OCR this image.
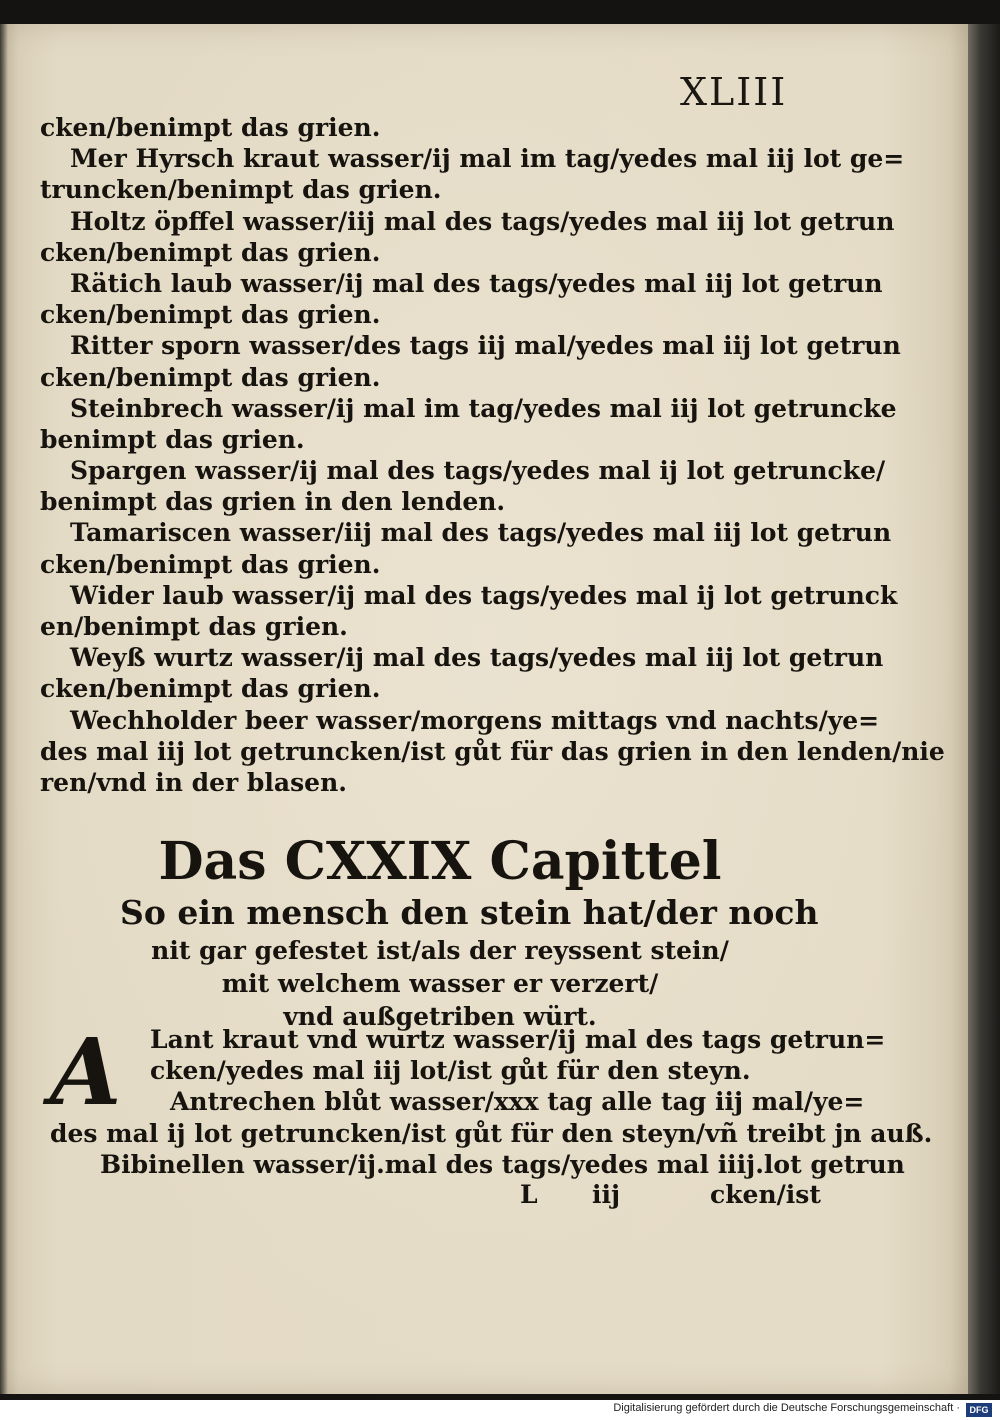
XLIII
cken/benimpt das grien.
Mer Hyrsch kraut wasser/ij mal im tag/yedes mal iij lot ge=
truncken/benimpt das grien.
Holtz öpffel wasser/iij mal des tags/yedes mal iij lot getrun
cken/benimpt das grien.
Rätich laub wasser/ij mal des tags/yedes mal iij lot getrun
cken/benimpt das grien.
Ritter sporn wasser/des tags iij mal/yedes mal iij lot getrun
cken/benimpt das grien.
Steinbrech wasser/ij mal im tag/yedes mal iij lot getruncke
benimpt das grien.
Spargen wasser/ij mal des tags/yedes mal ij lot getruncke/
benimpt das grien in den lenden.
Tamariscen wasser/iij mal des tags/yedes mal iij lot getrun
cken/benimpt das grien.
Wider laub wasser/ij mal des tags/yedes mal ij lot getrunck
en/benimpt das grien.
Weyß wurtz wasser/ij mal des tags/yedes mal iij lot getrun
cken/benimpt das grien.
Wechholder beer wasser/morgens mittags vnd nachts/ye=
des mal iij lot getruncken/ist gůt für das grien in den lenden/nie
ren/vnd in der blasen.
Das CXXIX Capittel
So ein mensch den stein hat/der noch
nit gar gefestet ist/als der reyssent stein/
mit welchem wasser er verzert/
vnd außgetriben würt.
A	Lant kraut vnd wurtz wasser/ij mal des tags getrun=
cken/yedes mal iij lot/ist gůt für den steyn.
Antrechen blůt wasser/xxx tag alle tag iij mal/ye=
des mal ij lot getruncken/ist gůt für den steyn/vñ treibt jn auß.
Bibinellen wasser/ij.mal des tags/yedes mal iiij.lot getrun
L iij	cken/ist
Digitalisierung gefördert durch die Deutsche Forschungsgemeinschaft ·	DFG
